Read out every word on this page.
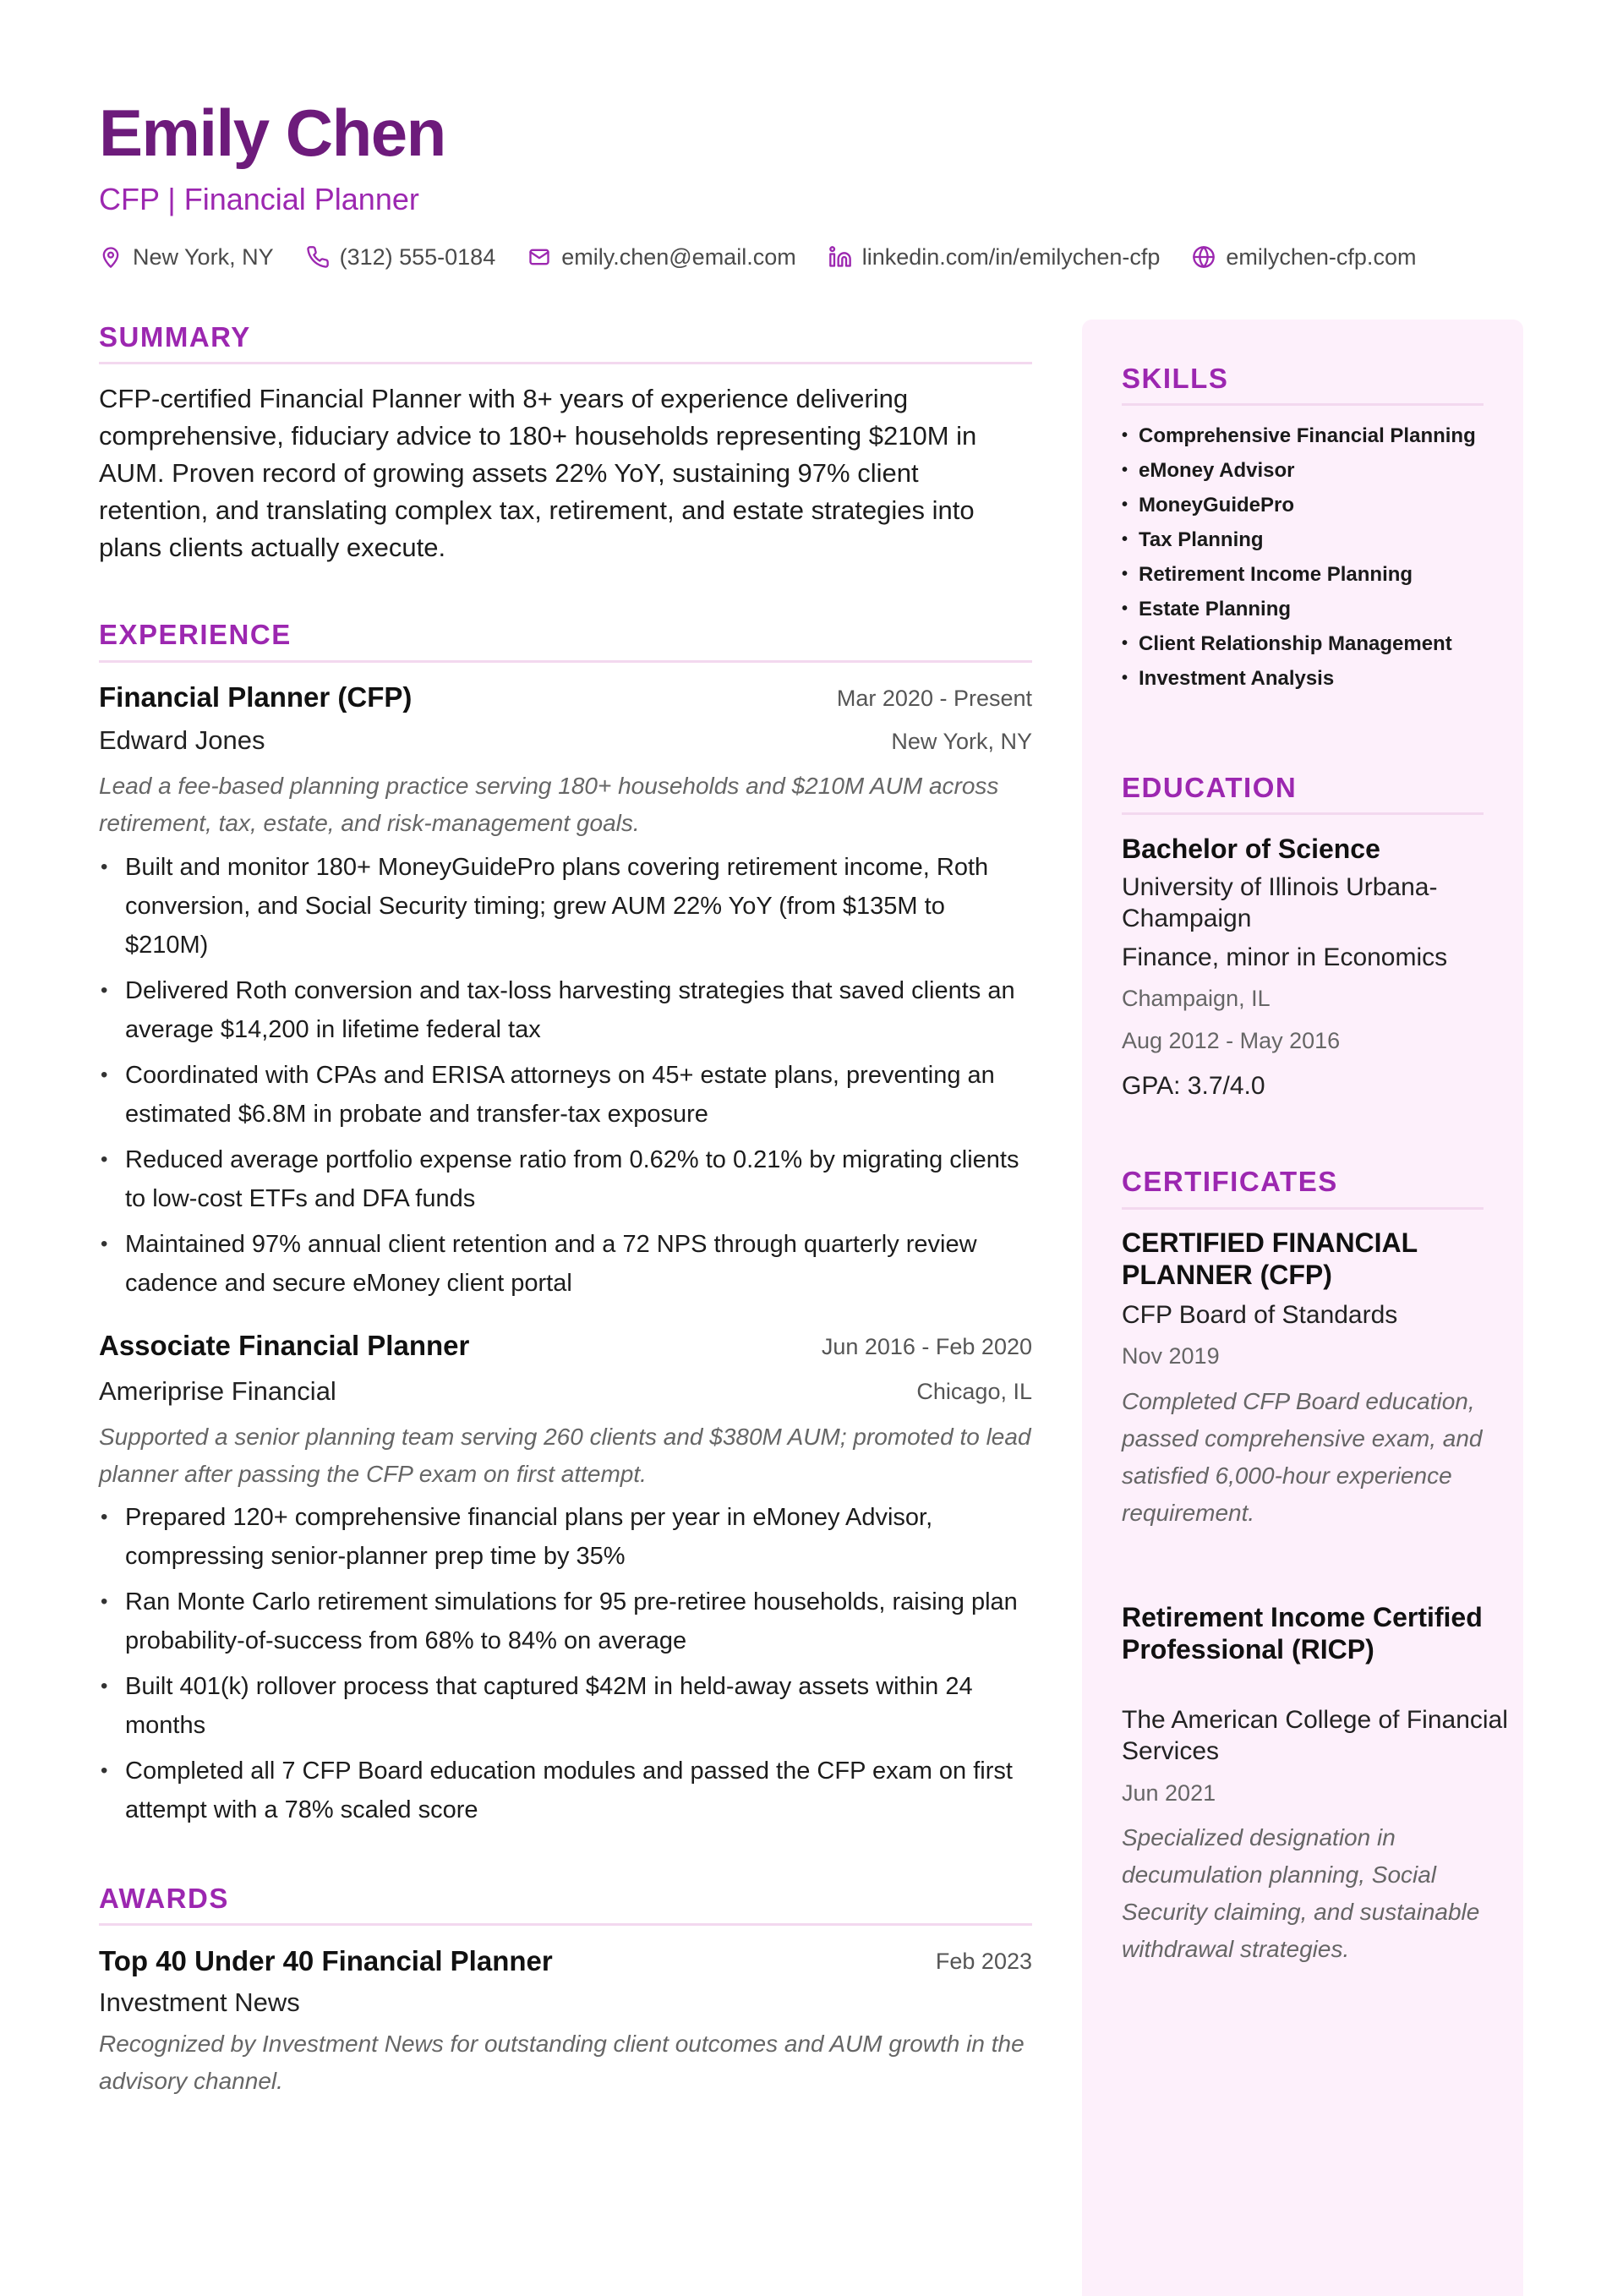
Emily Chen
CFP | Financial Planner
New York, NY	(312) 555-0184	emily.chen@email.com	linkedin.com/in/emilychen-cfp	emilychen-cfp.com
SUMMARY

CFP-certified Financial Planner with 8+ years of experience delivering comprehensive, fiduciary advice to 180+ households representing $210M in AUM. Proven record of growing assets 22% YoY, sustaining 97% client retention, and translating complex tax, retirement, and estate strategies into plans clients actually execute.

EXPERIENCE
Financial Planner (CFP)	Mar 2020 - Present
Edward Jones	New York, NY

Lead a fee-based planning practice serving 180+ households and $210M AUM across retirement, tax, estate, and risk-management goals.

• Built and monitor 180+ MoneyGuidePro plans covering retirement income, Roth conversion, and Social Security timing; grew AUM 22% YoY (from $135M to $210M)
• Delivered Roth conversion and tax-loss harvesting strategies that saved clients an average $14,200 in lifetime federal tax
• Coordinated with CPAs and ERISA attorneys on 45+ estate plans, preventing an estimated $6.8M in probate and transfer-tax exposure
• Reduced average portfolio expense ratio from 0.62% to 0.21% by migrating clients to low-cost ETFs and DFA funds
• Maintained 97% annual client retention and a 72 NPS through quarterly review cadence and secure eMoney client portal
Associate Financial Planner	Jun 2016 - Feb 2020
Ameriprise Financial	Chicago, IL

Supported a senior planning team serving 260 clients and $380M AUM; promoted to lead planner after passing the CFP exam on first attempt.

• Prepared 120+ comprehensive financial plans per year in eMoney Advisor, compressing senior-planner prep time by 35%
• Ran Monte Carlo retirement simulations for 95 pre-retiree households, raising plan probability-of-success from 68% to 84% on average
• Built 401(k) rollover process that captured $42M in held-away assets within 24 months
• Completed all 7 CFP Board education modules and passed the CFP exam on first attempt with a 78% scaled score
AWARDS
Top 40 Under 40 Financial Planner	Feb 2023
Investment News

Recognized by Investment News for outstanding client outcomes and AUM growth in the advisory channel.

SKILLS
• Comprehensive Financial Planning
• eMoney Advisor
• MoneyGuidePro
• Tax Planning
• Retirement Income Planning
• Estate Planning
• Client Relationship Management
• Investment Analysis
EDUCATION
Bachelor of Science
University of Illinois Urbana-Champaign
Finance, minor in Economics
Champaign, IL
Aug 2012 - May 2016
GPA: 3.7/4.0
CERTIFICATES
CERTIFIED FINANCIAL PLANNER (CFP)
CFP Board of Standards
Nov 2019

Completed CFP Board education, passed comprehensive exam, and satisfied 6,000-hour experience requirement.

Retirement Income Certified Professional (RICP)
The American College of Financial Services
Jun 2021

Specialized designation in decumulation planning, Social Security claiming, and sustainable withdrawal strategies.
